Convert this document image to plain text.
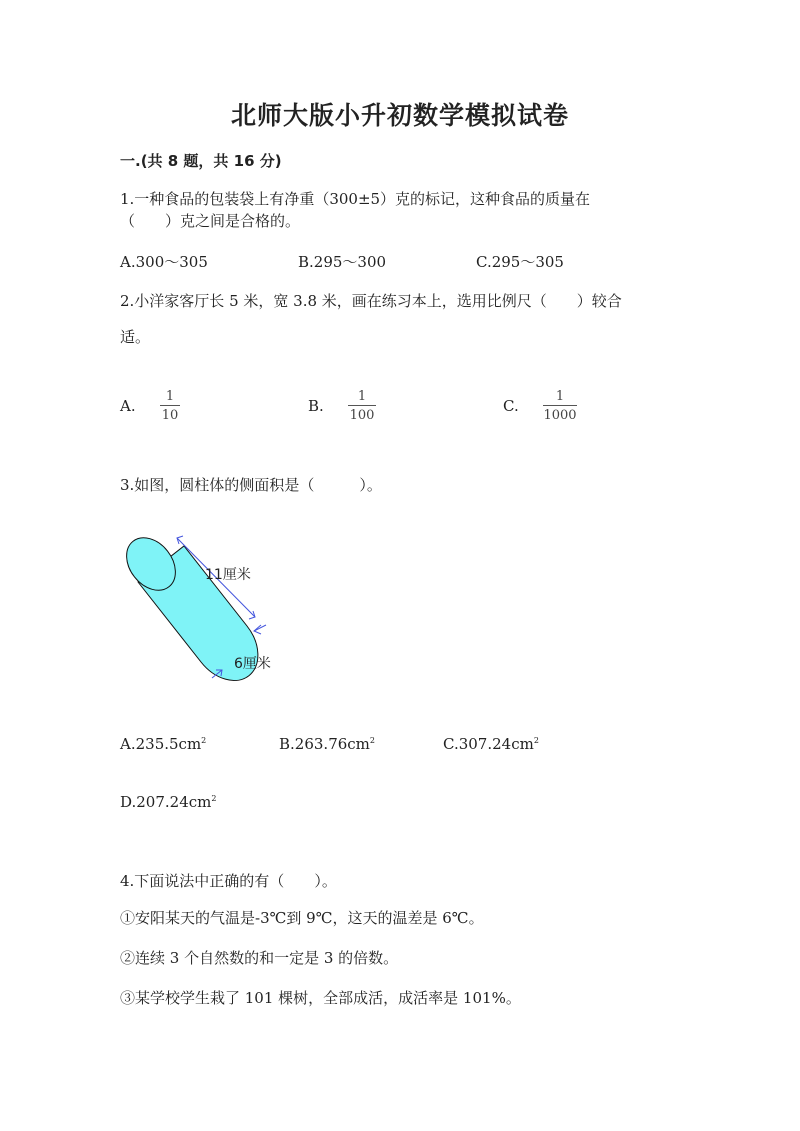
北师大版小升初数学模拟试卷
一.(共 8 题，共 16 分)
1.一种食品的包装袋上有净重（300±5）克的标记，这种食品的质量在
（　　）克之间是合格的。
A.300～305	B.295～300	C.295～305
2.小洋家客厅长 5 米，宽 3.8 米，画在练习本上，选用比例尺（　　）较合
适。
A.
1
10
B.
1
100
C.
1
1000
3.如图，圆柱体的侧面积是（　　　）。
11厘米
6厘米
$A.235.5cm^2$	$B.263.76cm^2$	$C.307.24cm^2$
$D.207.24cm^2$
4.下面说法中正确的有（　　）。
①安阳某天的气温是-3℃到 9℃，这天的温差是 6℃。
②连续 3 个自然数的和一定是 3 的倍数。
③某学校学生栽了 101 棵树，全部成活，成活率是 101%。
